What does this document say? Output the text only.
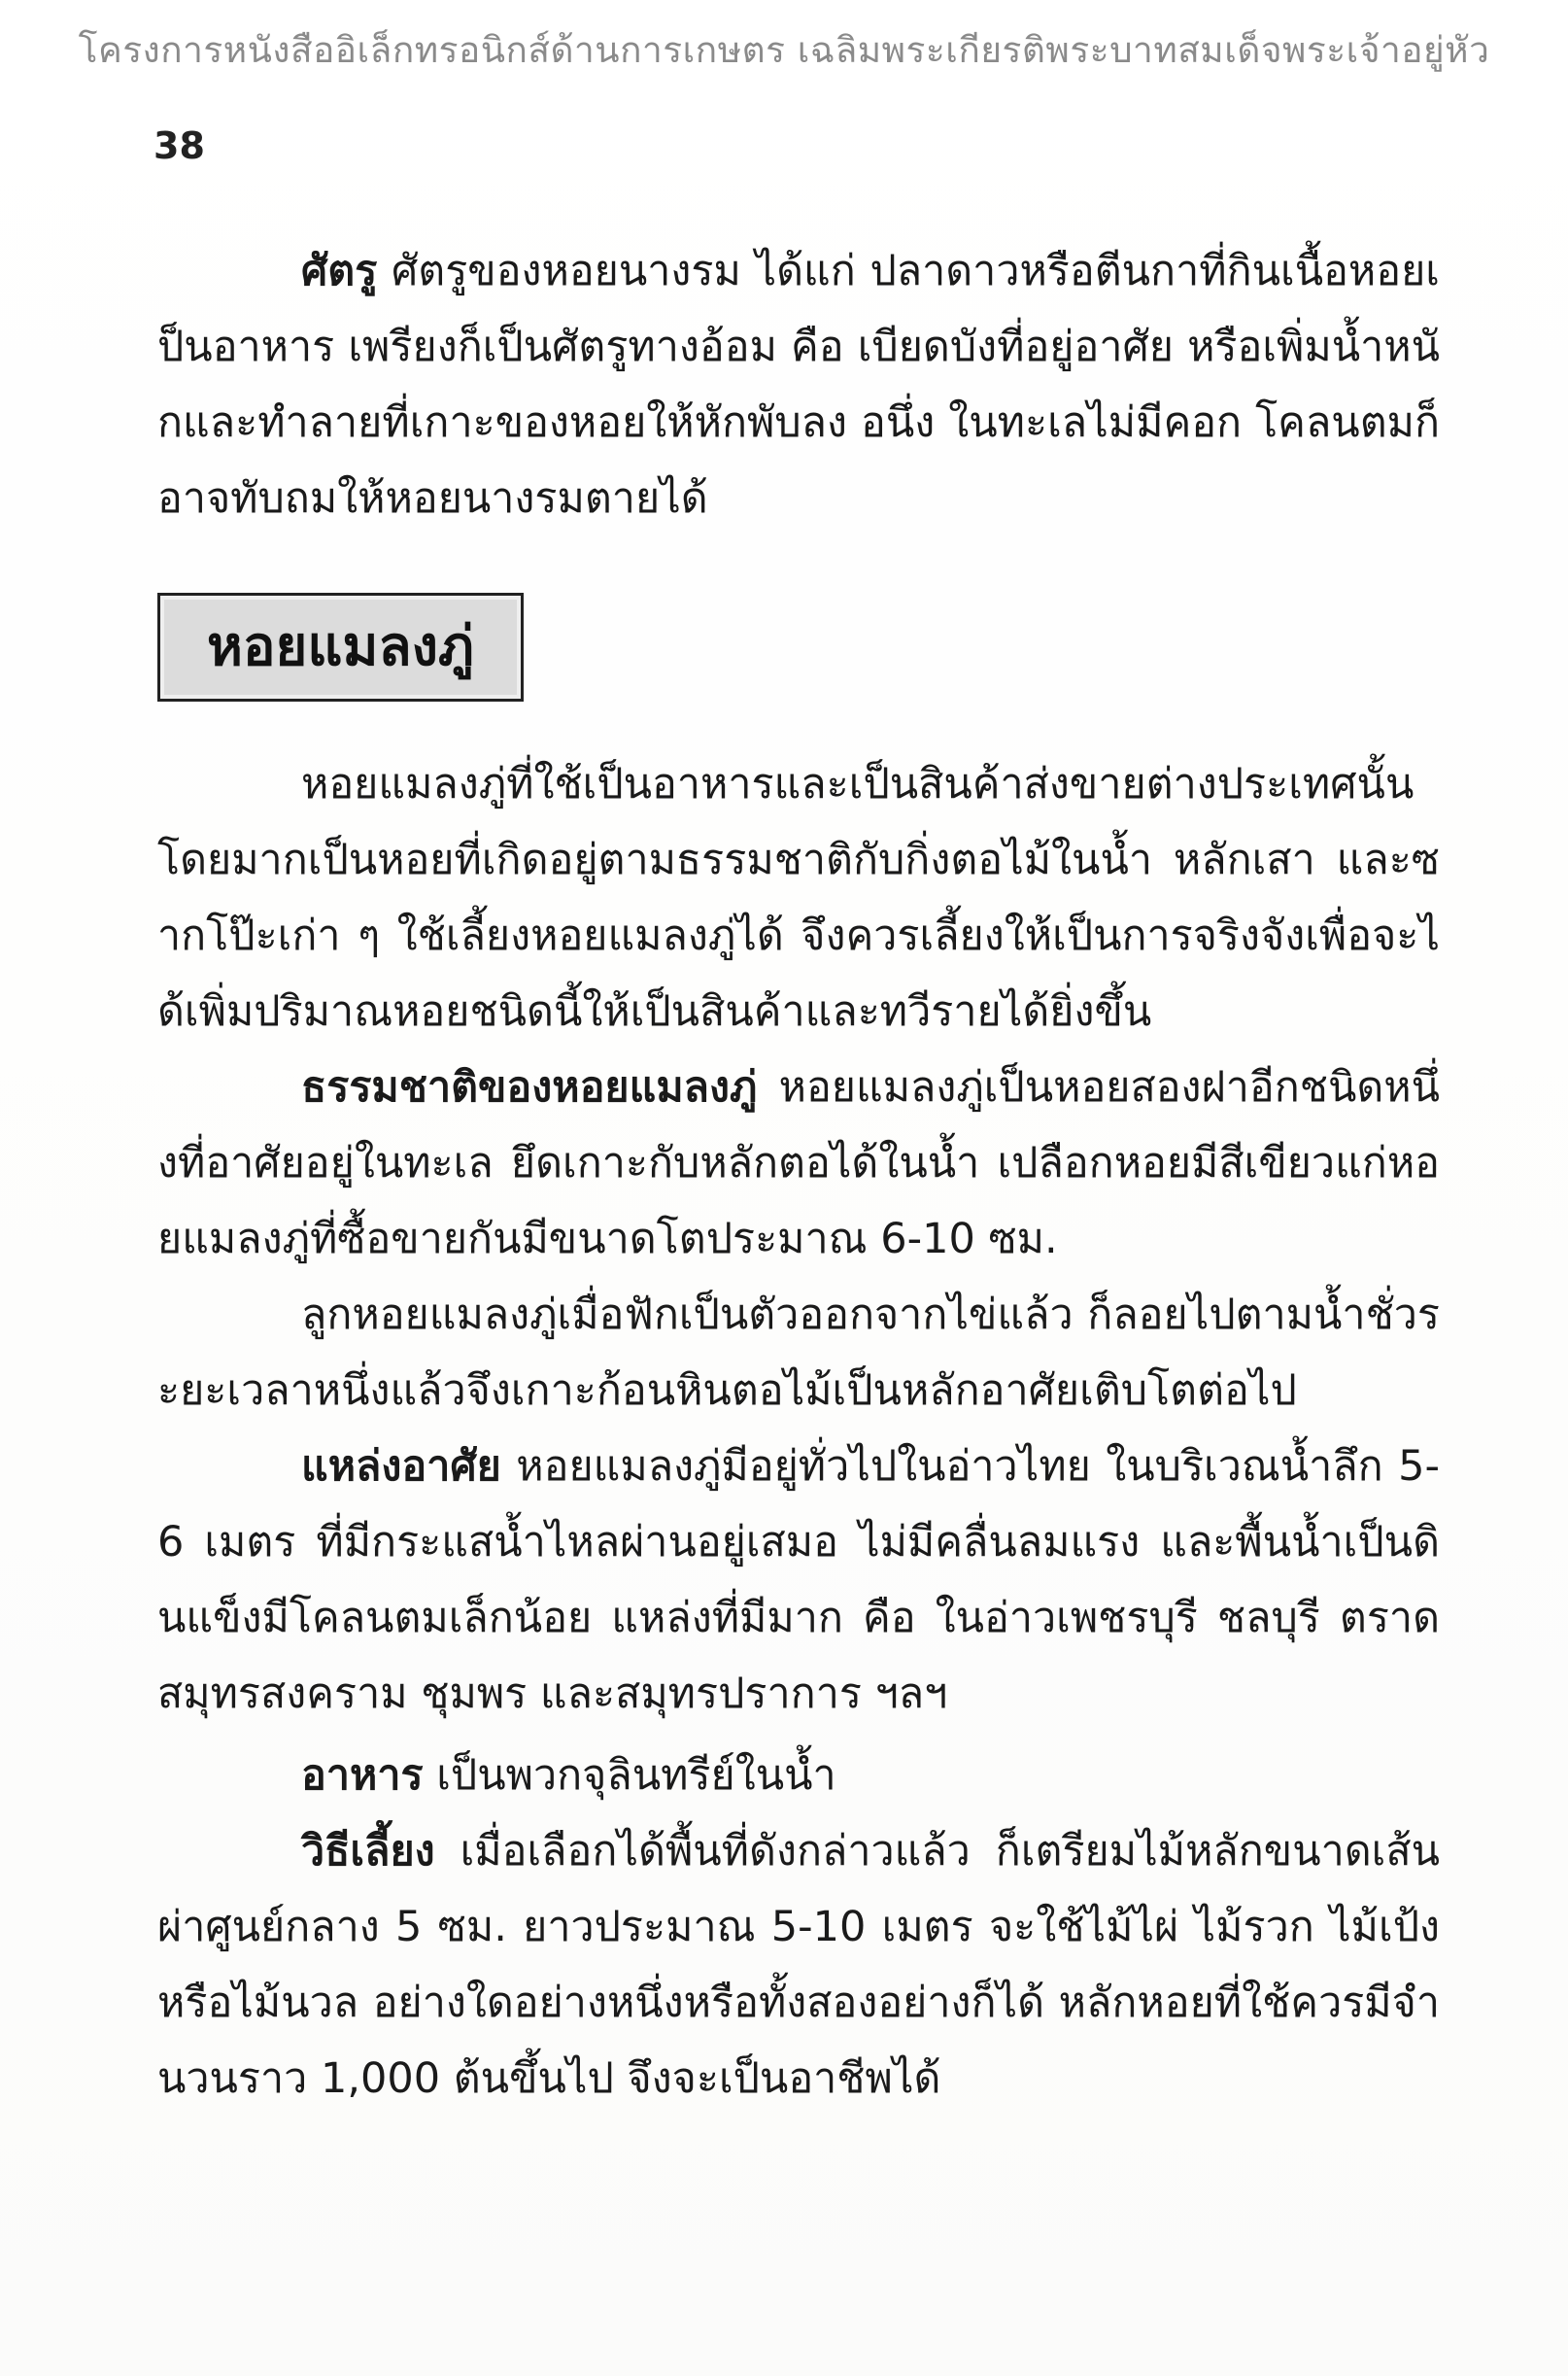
โครงการหนังสืออิเล็กทรอนิกส์ด้านการเกษตร เฉลิมพระเกียรติพระบาทสมเด็จพระเจ้าอยู่หัว
38

ศัตรู ศัตรูของหอยนางรม ได้แก่ ปลาดาวหรือตีนกาที่กินเนื้อหอยเป็นอาหาร เพรียงก็เป็นศัตรูทางอ้อม คือ เบียดบังที่อยู่อาศัย หรือเพิ่มน้ำหนักและทำลายที่เกาะของหอยให้หักพับลง อนึ่ง ในทะเลไม่มีคอก โคลนตมก็อาจทับถมให้หอยนางรมตายได้

หอยแมลงภู่

หอยแมลงภู่ที่ใช้เป็นอาหารและเป็นสินค้าส่งขายต่างประเทศนั้น โดยมากเป็นหอยที่เกิดอยู่ตามธรรมชาติกับกิ่งตอไม้ในน้ำ หลักเสา และซากโป๊ะเก่า ๆ ใช้เลี้ยงหอยแมลงภู่ได้ จึงควรเลี้ยงให้เป็นการจริงจังเพื่อจะได้เพิ่มปริมาณหอยชนิดนี้ให้เป็นสินค้าและทวีรายได้ยิ่งขึ้น

ธรรมชาติของหอยแมลงภู่ หอยแมลงภู่เป็นหอยสองฝาอีกชนิดหนึ่งที่อาศัยอยู่ในทะเล ยึดเกาะกับหลักตอได้ในน้ำ เปลือกหอยมีสีเขียวแก่หอยแมลงภู่ที่ซื้อขายกันมีขนาดโตประมาณ 6-10 ซม.

ลูกหอยแมลงภู่เมื่อฟักเป็นตัวออกจากไข่แล้ว ก็ลอยไปตามน้ำชั่วระยะเวลาหนึ่งแล้วจึงเกาะก้อนหินตอไม้เป็นหลักอาศัยเติบโตต่อไป

แหล่งอาศัย หอยแมลงภู่มีอยู่ทั่วไปในอ่าวไทย ในบริเวณน้ำลึก 5-6 เมตร ที่มีกระแสน้ำไหลผ่านอยู่เสมอ ไม่มีคลื่นลมแรง และพื้นน้ำเป็นดินแข็งมีโคลนตมเล็กน้อย แหล่งที่มีมาก คือ ในอ่าวเพชรบุรี ชลบุรี ตราด สมุทรสงคราม ชุมพร และสมุทรปราการ ฯลฯ

อาหาร เป็นพวกจุลินทรีย์ในน้ำ

วิธีเลี้ยง เมื่อเลือกได้พื้นที่ดังกล่าวแล้ว ก็เตรียมไม้หลักขนาดเส้นผ่าศูนย์กลาง 5 ซม. ยาวประมาณ 5-10 เมตร จะใช้ไม้ไผ่ ไม้รวก ไม้เป้งหรือไม้นวล อย่างใดอย่างหนึ่งหรือทั้งสองอย่างก็ได้ หลักหอยที่ใช้ควรมีจำนวนราว 1,000 ต้นขึ้นไป จึงจะเป็นอาชีพได้
